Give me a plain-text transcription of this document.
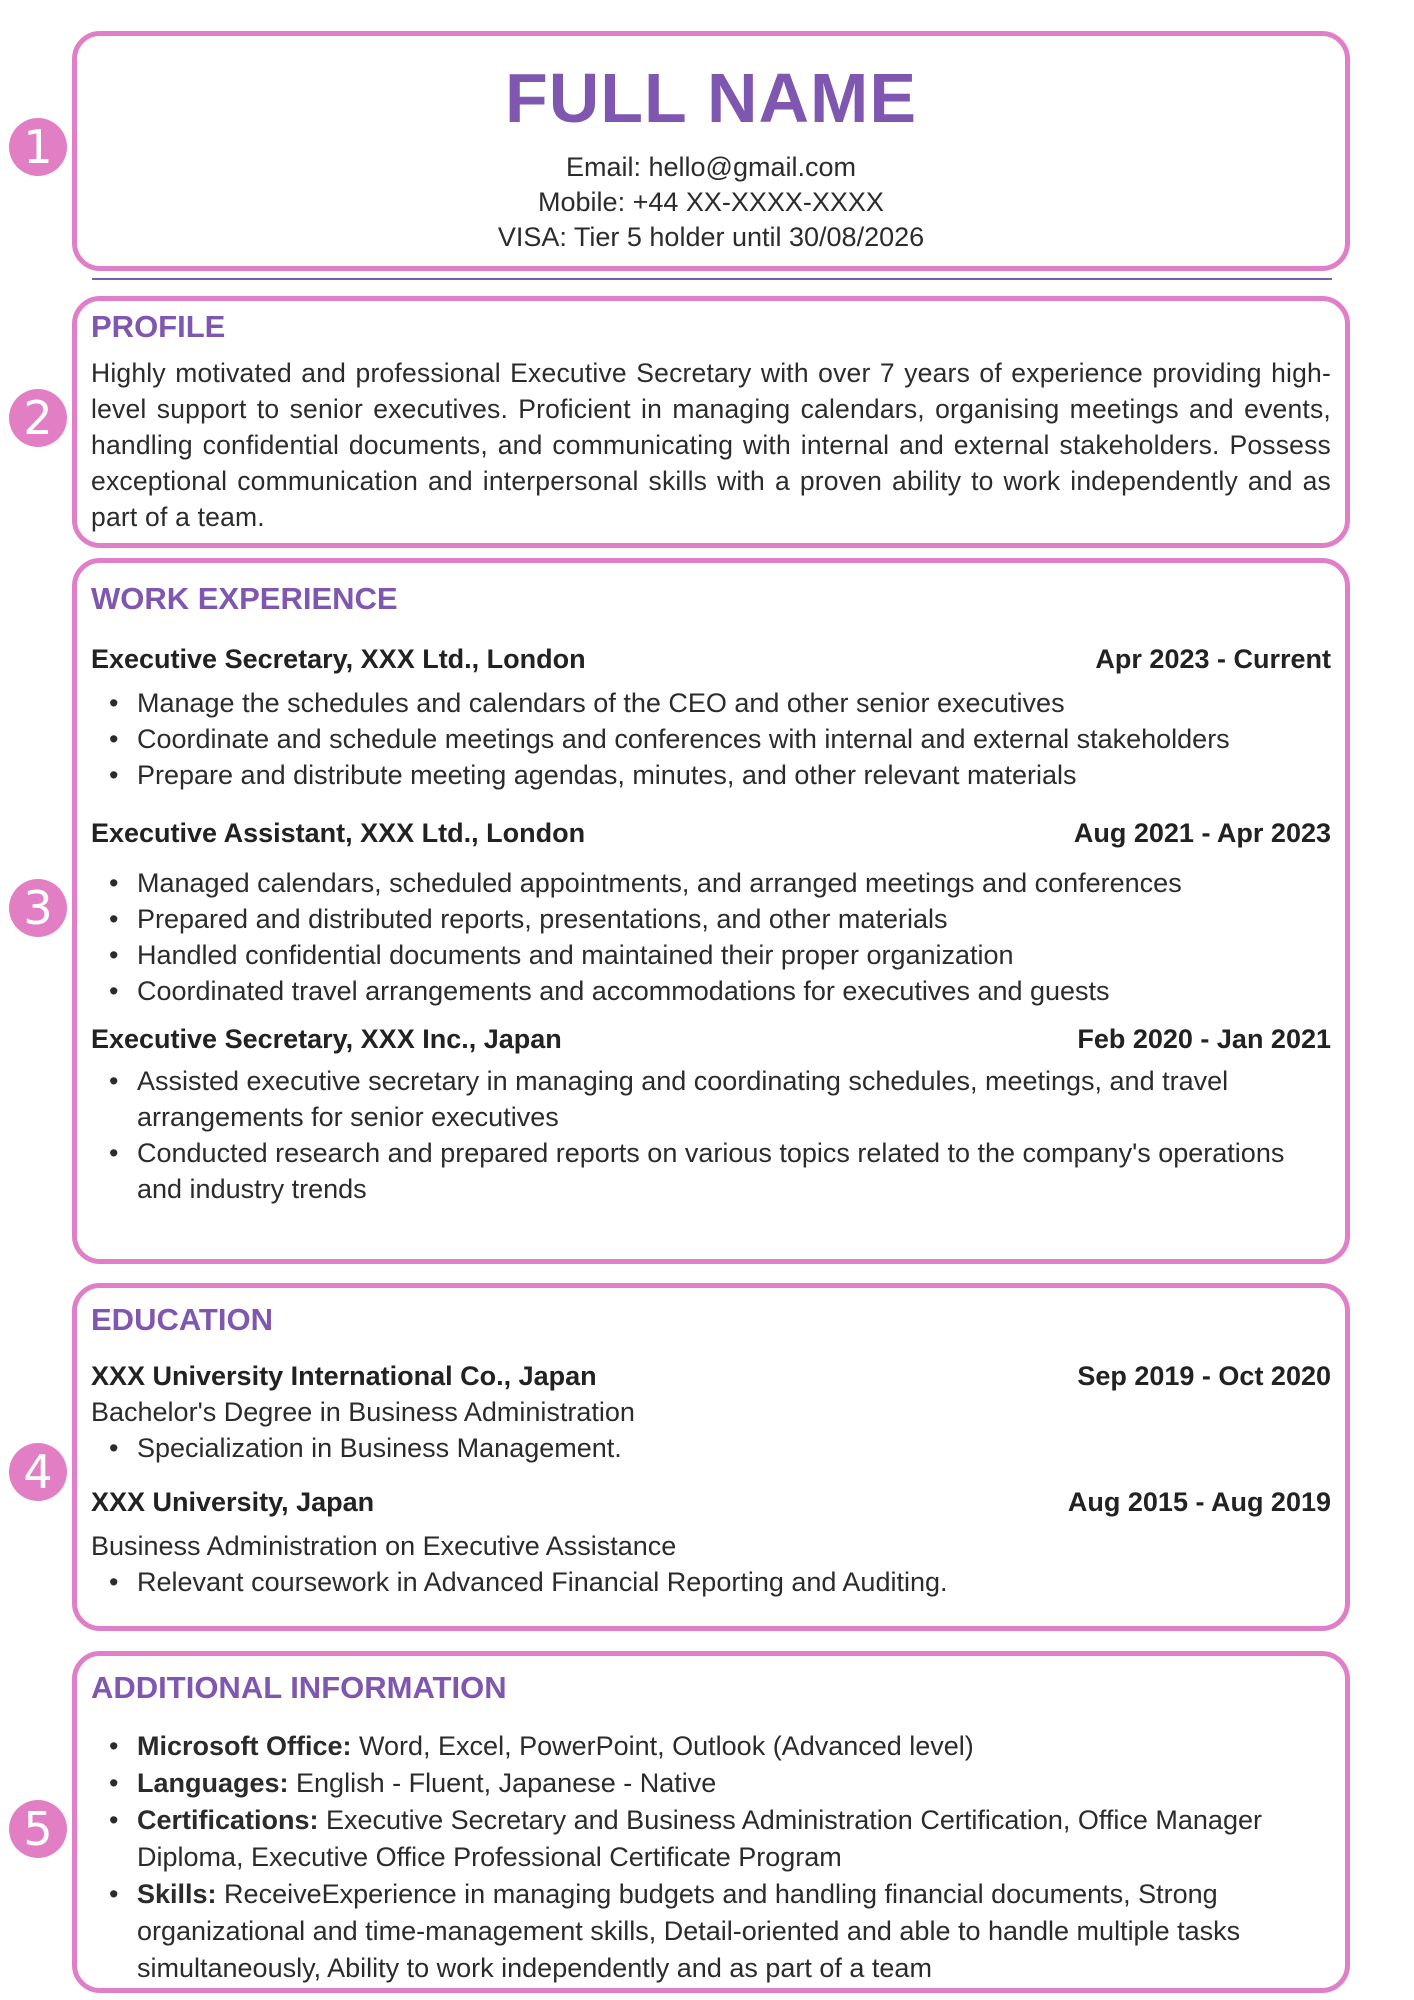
1
2
3
4
5
FULL NAME
Email: hello@gmail.com
Mobile: +44 XX-XXXX-XXXX
VISA: Tier 5 holder until 30/08/2026
PROFILE

Highly motivated and professional Executive Secretary with over 7 years of experience providing high-level support to senior executives. Proficient in managing calendars, organising meetings and events, handling confidential documents, and communicating with internal and external stakeholders. Possess exceptional communication and interpersonal skills with a proven ability to work independently and as part of a team.

WORK EXPERIENCE
Executive Secretary, XXX Ltd., London	Apr 2023 - Current
• Manage the schedules and calendars of the CEO and other senior executives
• Coordinate and schedule meetings and conferences with internal and external stakeholders
• Prepare and distribute meeting agendas, minutes, and other relevant materials
Executive Assistant, XXX Ltd., London	Aug 2021 - Apr 2023
• Managed calendars, scheduled appointments, and arranged meetings and conferences
• Prepared and distributed reports, presentations, and other materials
• Handled confidential documents and maintained their proper organization
• Coordinated travel arrangements and accommodations for executives and guests
Executive Secretary, XXX Inc., Japan	Feb 2020 - Jan 2021
• Assisted executive secretary in managing and coordinating schedules, meetings, and travel arrangements for senior executives
• Conducted research and prepared reports on various topics related to the company's operations and industry trends
EDUCATION
XXX University International Co., Japan	Sep 2019 - Oct 2020
Bachelor's Degree in Business Administration
• Specialization in Business Management.
XXX University, Japan	Aug 2015 - Aug 2019
Business Administration on Executive Assistance
• Relevant coursework in Advanced Financial Reporting and Auditing.
ADDITIONAL INFORMATION
• Microsoft Office: Word, Excel, PowerPoint, Outlook (Advanced level)
• Languages: English - Fluent, Japanese - Native
• Certifications: Executive Secretary and Business Administration Certification, Office Manager Diploma, Executive Office Professional Certificate Program
• Skills: ReceiveExperience in managing budgets and handling financial documents, Strong organizational and time-management skills, Detail-oriented and able to handle multiple tasks simultaneously, Ability to work independently and as part of a team
